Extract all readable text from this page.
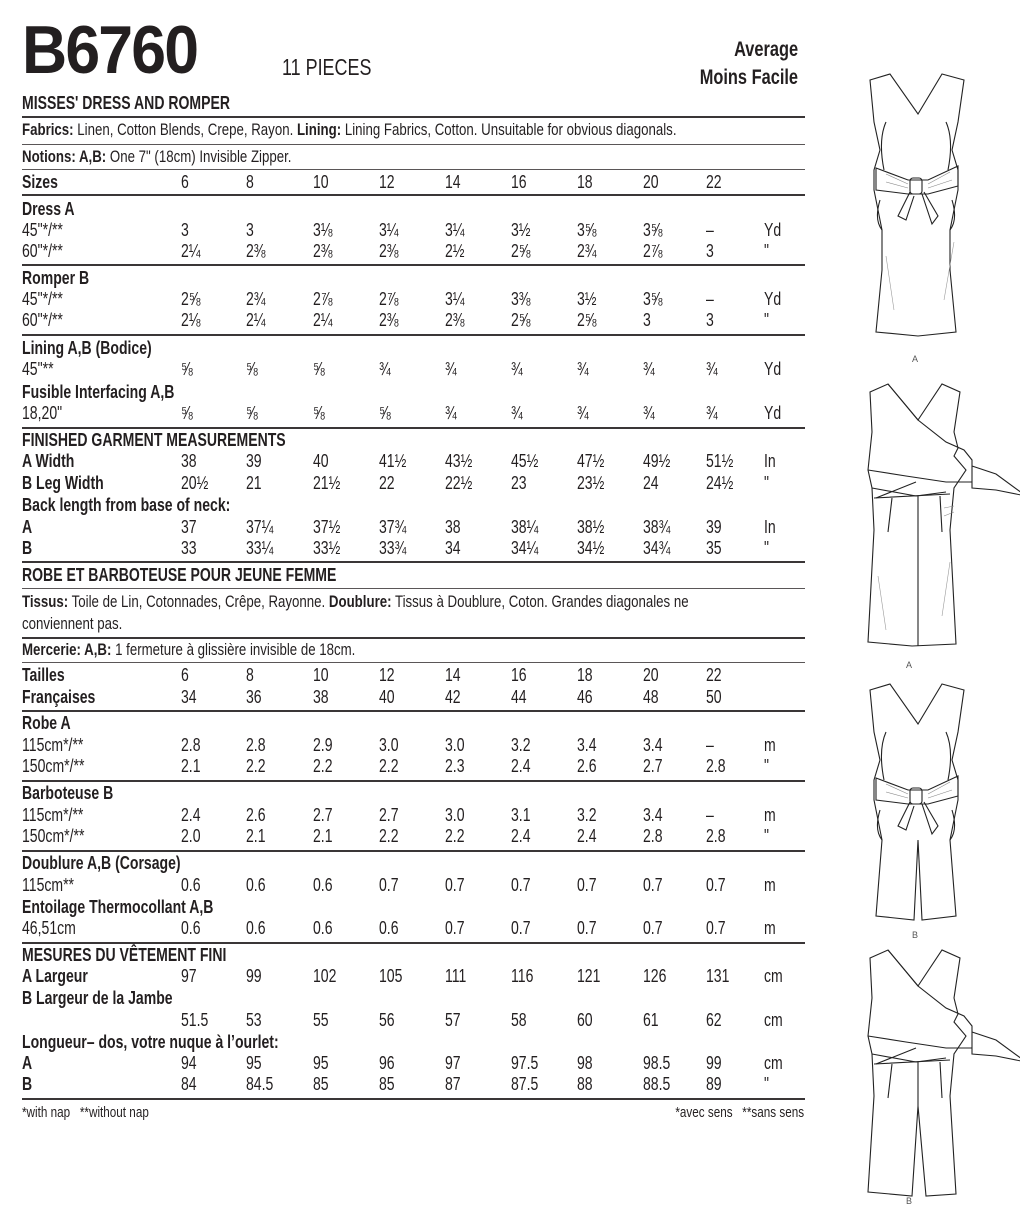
B6760	11 PIECES
Average
Moins Facile
MISSES' DRESS AND ROMPER
Fabrics: Linen, Cotton Blends, Crepe, Rayon. Lining: Lining Fabrics, Cotton. Unsuitable for obvious diagonals.
Notions: A,B: One 7" (18cm) Invisible Zipper.
Sizes	6	8	10	12	14	16	18	20	22
Dress A
45"*/**	3	3	3⅛	3¼	3¼	3½	3⅝	3⅝	–	Yd
60"*/**	2¼	2⅜	2⅜	2⅜	2½	2⅝	2¾	2⅞	3	"
Romper B
45"*/**	2⅝	2¾	2⅞	2⅞	3¼	3⅜	3½	3⅝	–	Yd
60"*/**	2⅛	2¼	2¼	2⅜	2⅜	2⅝	2⅝	3	3	"
Lining A,B (Bodice)
45"**	⅝	⅝	⅝	¾	¾	¾	¾	¾	¾	Yd
Fusible Interfacing A,B
18,20"	⅝	⅝	⅝	⅝	¾	¾	¾	¾	¾	Yd
FINISHED GARMENT MEASUREMENTS
A Width	38	39	40	41½	43½	45½	47½	49½	51½	In
B Leg Width	20½	21	21½	22	22½	23	23½	24	24½	"
Back length from base of neck:
A	37	37¼	37½	37¾	38	38¼	38½	38¾	39 In
B	33	33¼	33½	33¾	34	34¼	34½	34¾	35 "
ROBE ET BARBOTEUSE POUR JEUNE FEMME
Tissus: Toile de Lin, Cotonnades, Crêpe, Rayonne. Doublure: Tissus à Doublure, Coton. Grandes diagonales ne
conviennent pas.
Mercerie: A,B: 1 fermeture à glissière invisible de 18cm.
Tailles	6	8	10	12	14	16	18	20	22
Françaises	34	36	38	40	42	44	46	48	50
Robe A
115cm*/**	2.8	2.8	2.9	3.0	3.0	3.2	3.4	3.4	–	m
150cm*/**	2.1	2.2	2.2	2.2	2.3	2.4	2.6	2.7	2.8	"
Barboteuse B
115cm*/**	2.4	2.6	2.7	2.7	3.0	3.1	3.2	3.4	–	m
150cm*/**	2.0	2.1	2.1	2.2	2.2	2.4	2.4	2.8	2.8	"
Doublure A,B (Corsage)
115cm**	0.6	0.6	0.6	0.7	0.7	0.7	0.7	0.7	0.7	m
Entoilage Thermocollant A,B
46,51cm	0.6	0.6	0.6	0.6	0.7	0.7	0.7	0.7	0.7	m
MESURES DU VÊTEMENT FINI
A Largeur	97	99	102	105	111	116	121	126	131	cm
B Largeur de la Jambe
51.5	53	55	56	57	58	60	61	62 cm
Longueur– dos, votre nuque à l’ourlet:
A	94	95	95	96	97	97.5	98	98.5	99 cm
B	84	84.5	85	85	87	87.5	88	88.5	89 "
*with nap   **without nap	*avec sens   **sans sens
A
A
B
B
